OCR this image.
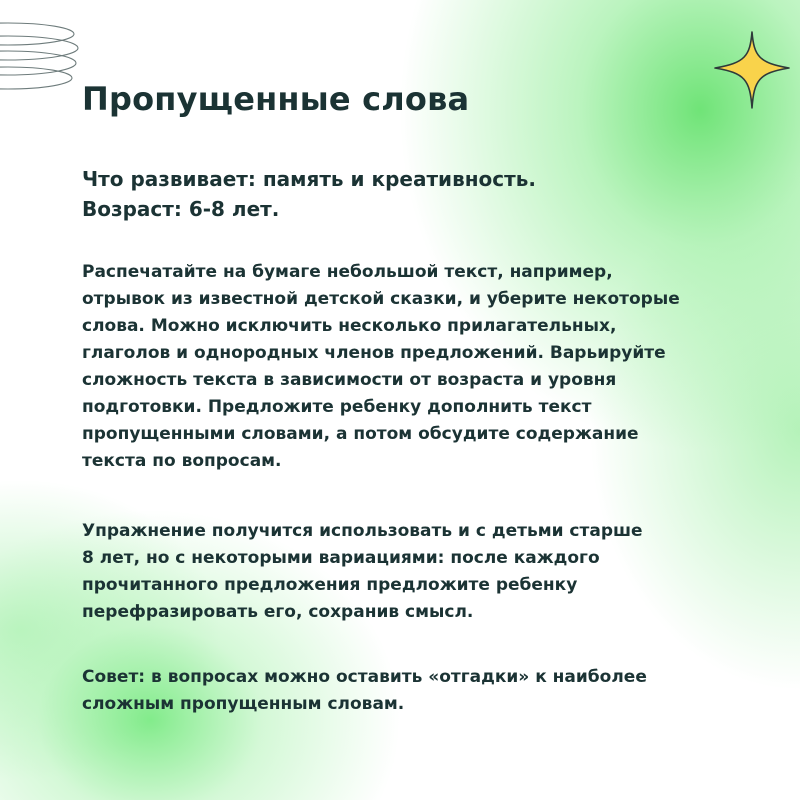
Пропущенные слова

Что развивает: память и креативность.

Возраст: 6-8 лет.

Распечатайте на бумаге небольшой текст, например,
отрывок из известной детской сказки, и уберите некоторые
слова. Можно исключить несколько прилагательных,
глаголов и однородных членов предложений. Варьируйте
сложность текста в зависимости от возраста и уровня
подготовки. Предложите ребенку дополнить текст
пропущенными словами, а потом обсудите содержание
текста по вопросам.

Упражнение получится использовать и с детьми старше
8 лет, но с некоторыми вариациями: после каждого
прочитанного предложения предложите ребенку
перефразировать его, сохранив смысл.

Совет: в вопросах можно оставить «отгадки» к наиболее
сложным пропущенным словам.
